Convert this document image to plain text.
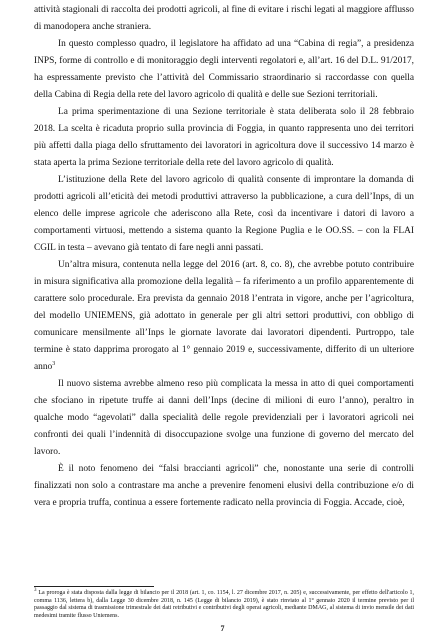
attività stagionali di raccolta dei prodotti agricoli, al fine di evitare i rischi legati al maggiore afflusso di manodopera anche straniera.

In questo complesso quadro, il legislatore ha affidato ad una “Cabina di regia”, a presidenza INPS, forme di controllo e di monitoraggio degli interventi regolatori e, all’art. 16 del D.L. 91/2017, ha espressamente previsto che l’attività del Commissario straordinario si raccordasse con quella della Cabina di Regia della rete del lavoro agricolo di qualità e delle sue Sezioni territoriali.

La prima sperimentazione di una Sezione territoriale è stata deliberata solo il 28 febbraio 2018. La scelta è ricaduta proprio sulla provincia di Foggia, in quanto rappresenta uno dei territori più affetti dalla piaga dello sfruttamento dei lavoratori in agricoltura dove il successivo 14 marzo è stata aperta la prima Sezione territoriale della rete del lavoro agricolo di qualità.

L’istituzione della Rete del lavoro agricolo di qualità consente di improntare la domanda di prodotti agricoli all’eticità dei metodi produttivi attraverso la pubblicazione, a cura dell’Inps, di un elenco delle imprese agricole che aderiscono alla Rete, così da incentivare i datori di lavoro a comportamenti virtuosi, mettendo a sistema quanto la Regione Puglia e le OO.SS. – con la FLAI CGIL in testa – avevano già tentato di fare negli anni passati.

Un’altra misura, contenuta nella legge del 2016 (art. 8, co. 8), che avrebbe potuto contribuire in misura significativa alla promozione della legalità – fa riferimento a un profilo apparentemente di carattere solo procedurale. Era prevista da gennaio 2018 l’entrata in vigore, anche per l’agricoltura, del modello UNIEMENS, già adottato in generale per gli altri settori produttivi, con obbligo di comunicare mensilmente all’Inps le giornate lavorate dai lavoratori dipendenti. Purtroppo, tale termine è stato dapprima prorogato al 1° gennaio 2019 e, successivamente, differito di un ulteriore anno$^3$

Il nuovo sistema avrebbe almeno reso più complicata la messa in atto di quei comportamenti che sfociano in ripetute truffe ai danni dell’Inps (decine di milioni di euro l’anno), peraltro in qualche modo “agevolati” dalla specialità delle regole previdenziali per i lavoratori agricoli nei confronti dei quali l’indennità di disoccupazione svolge una funzione di governo del mercato del lavoro.

È il noto fenomeno dei “falsi braccianti agricoli” che, nonostante una serie di controlli finalizzati non solo a contrastare ma anche a prevenire fenomeni elusivi della contribuzione e/o di vera e propria truffa, continua a essere fortemente radicato nella provincia di Foggia. Accade, cioè,

$^3$ La proroga è stata disposta dalla legge di bilancio per il 2018 (art. 1, co. 1154, l. 27 dicembre 2017, n. 205) e, successivamente, per effetto dell'articolo 1, comma 1136, lettera b), dalla Legge 30 dicembre 2018, n. 145 (Legge di bilancio 2019), è stato rinviato al 1° gennaio 2020 il termine previsto per il passaggio dal sistema di trasmissione trimestrale dei dati retributivi e contributivi degli operai agricoli, mediante DMAG, al sistema di invio mensile dei dati medesimi tramite flusso Uniemens.
7
